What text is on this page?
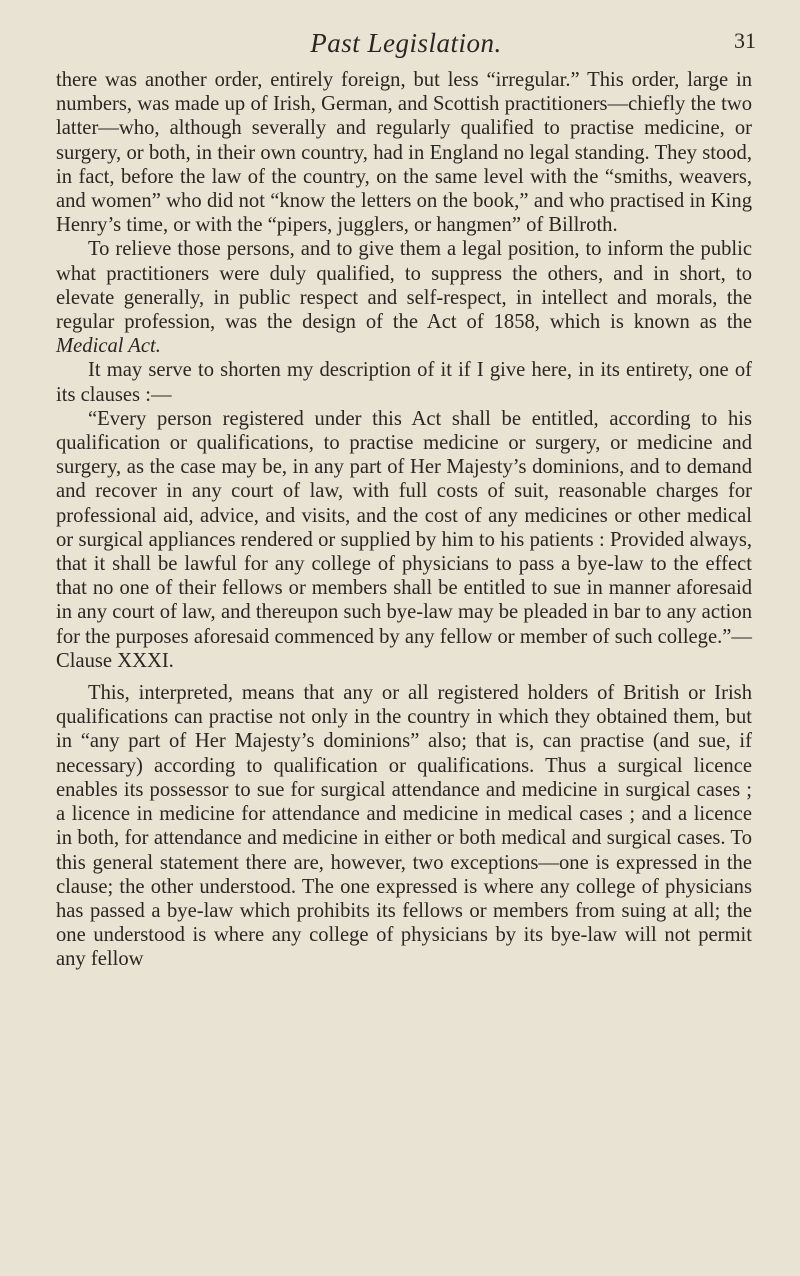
Past Legislation.	31

there was another order, entirely foreign, but less “irregular.” This order, large in numbers, was made up of Irish, German, and Scottish practitioners—chiefly the two latter—who, although severally and regularly qualified to practise medicine, or surgery, or both, in their own country, had in England no legal standing. They stood, in fact, before the law of the country, on the same level with the “smiths, weavers, and women” who did not “know the letters on the book,” and who practised in King Henry’s time, or with the “pipers, jugglers, or hangmen” of Billroth.

To relieve those persons, and to give them a legal position, to inform the public what practitioners were duly qualified, to suppress the others, and in short, to elevate generally, in public respect and self-respect, in intellect and morals, the regular profession, was the design of the Act of 1858, which is known as the Medical Act.

It may serve to shorten my description of it if I give here, in its entirety, one of its clauses :—

“Every person registered under this Act shall be entitled, according to his qualification or qualifications, to practise medicine or surgery, or medicine and surgery, as the case may be, in any part of Her Majesty’s dominions, and to demand and recover in any court of law, with full costs of suit, reasonable charges for professional aid, advice, and visits, and the cost of any medicines or other medical or surgical appliances rendered or supplied by him to his patients : Provided always, that it shall be lawful for any college of physicians to pass a bye-law to the effect that no one of their fellows or members shall be entitled to sue in manner aforesaid in any court of law, and thereupon such bye-law may be pleaded in bar to any action for the purposes aforesaid commenced by any fellow or member of such college.”—Clause XXXI.

This, interpreted, means that any or all registered holders of British or Irish qualifications can practise not only in the country in which they obtained them, but in “any part of Her Majesty’s dominions” also; that is, can practise (and sue, if necessary) according to qualification or qualifications. Thus a surgical licence enables its possessor to sue for surgical attendance and medicine in surgical cases ; a licence in medicine for attendance and medicine in medical cases ; and a licence in both, for attendance and medicine in either or both medical and surgical cases. To this general statement there are, however, two exceptions—one is expressed in the clause; the other understood. The one expressed is where any college of physicians has passed a bye-law which prohibits its fellows or members from suing at all; the one understood is where any college of physicians by its bye-law will not permit any fellow
